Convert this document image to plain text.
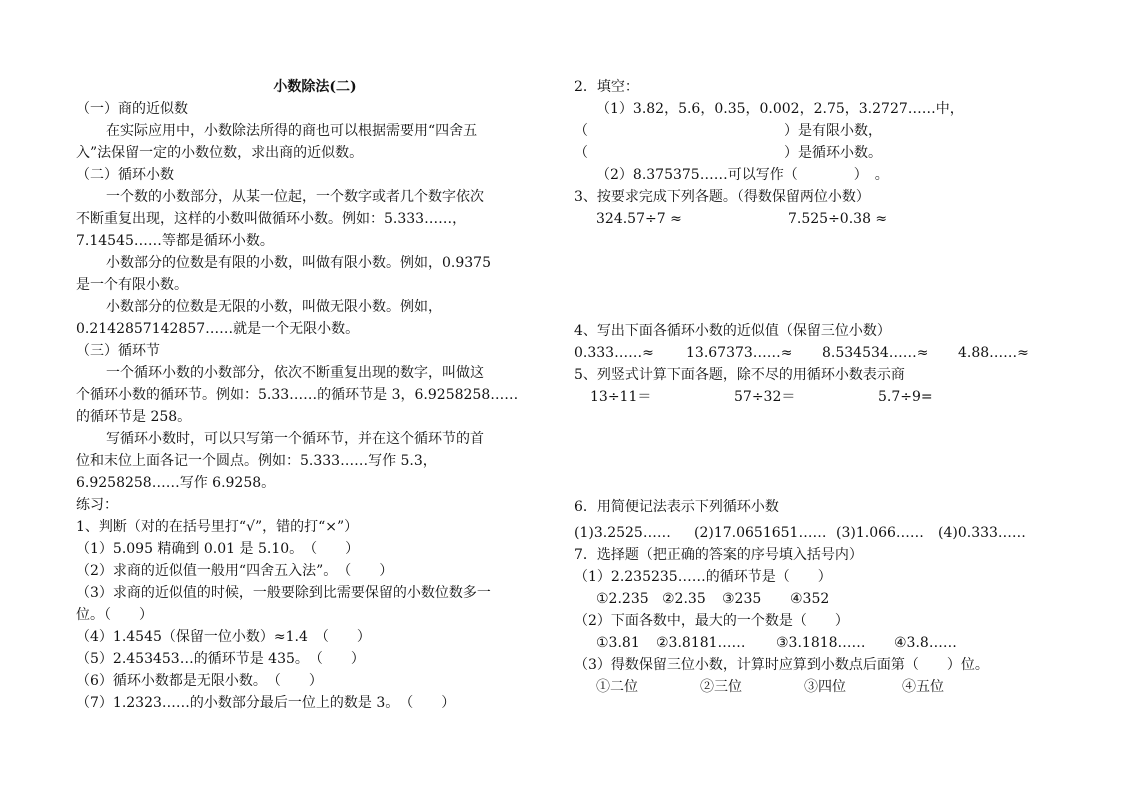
小数除法(二)
（一）商的近似数
在实际应用中，小数除法所得的商也可以根据需要用“四舍五
入”法保留一定的小数位数，求出商的近似数。
（二）循环小数
一个数的小数部分，从某一位起，一个数字或者几个数字依次
不断重复出现，这样的小数叫做循环小数。例如：5.333……，
7.14545……等都是循环小数。
小数部分的位数是有限的小数，叫做有限小数。例如，0.9375
是一个有限小数。
小数部分的位数是无限的小数，叫做无限小数。例如，
0.2142857142857……就是一个无限小数。
（三）循环节
一个循环小数的小数部分，依次不断重复出现的数字，叫做这
个循环小数的循环节。例如：5.33……的循环节是 3，6.9258258……
的循环节是 258。
写循环小数时，可以只写第一个循环节，并在这个循环节的首
位和末位上面各记一个圆点。例如：5.333……写作 5.3，
6.9258258……写作 6.9258。
练习：
1、判断（对的在括号里打“√”，错的打“×”）
（1）5.095 精确到 0.01 是 5.10。　（　　）
（2）求商的近似值一般用“四舍五入法”。　（　　）
（3）求商的近似值的时候，一般要除到比需要保留的小数位数多一
位。（　　）
（4）1.4545（保留一位小数）≈1.4　（　　）
（5）2.453453…的循环节是 435。　（　　）
（6）循环小数都是无限小数。　（　　）
（7）1.2323……的小数部分最后一位上的数是 3。　（　　）
2．填空：
（1）3.82，5.6，0.35，0.002，2.75，3.2727……中，
（　　　　　　　　　　　　　　）是有限小数，
（　　　　　　　　　　　　　　）是循环小数。
（2）8.375375……可以写作（　　　　）　。
3、按要求完成下列各题。（得数保留两位小数）
324.57÷7 ≈	7.525÷0.38 ≈
4、写出下面各循环小数的近似值（保留三位小数）
0.333……≈	13.67373……≈	8.534534……≈	4.88……≈
5、列竖式计算下面各题，除不尽的用循环小数表示商
13÷11＝	57÷32＝	5.7÷9=
6．用简便记法表示下列循环小数
(1)3.2525……	(2)17.0651651…… (3)1.066……	(4)0.333……
7．选择题（把正确的答案的序号填入括号内）
（1）2.235235……的循环节是（　　）
①2.235 ②2.35	③235	④352
（2）下面各数中，最大的一个数是（　　）
①3.81	②3.8181……	③3.1818……	④3.8……
（3）得数保留三位小数，计算时应算到小数点后面第（　　）位。
①二位	②三位	③四位	④五位
